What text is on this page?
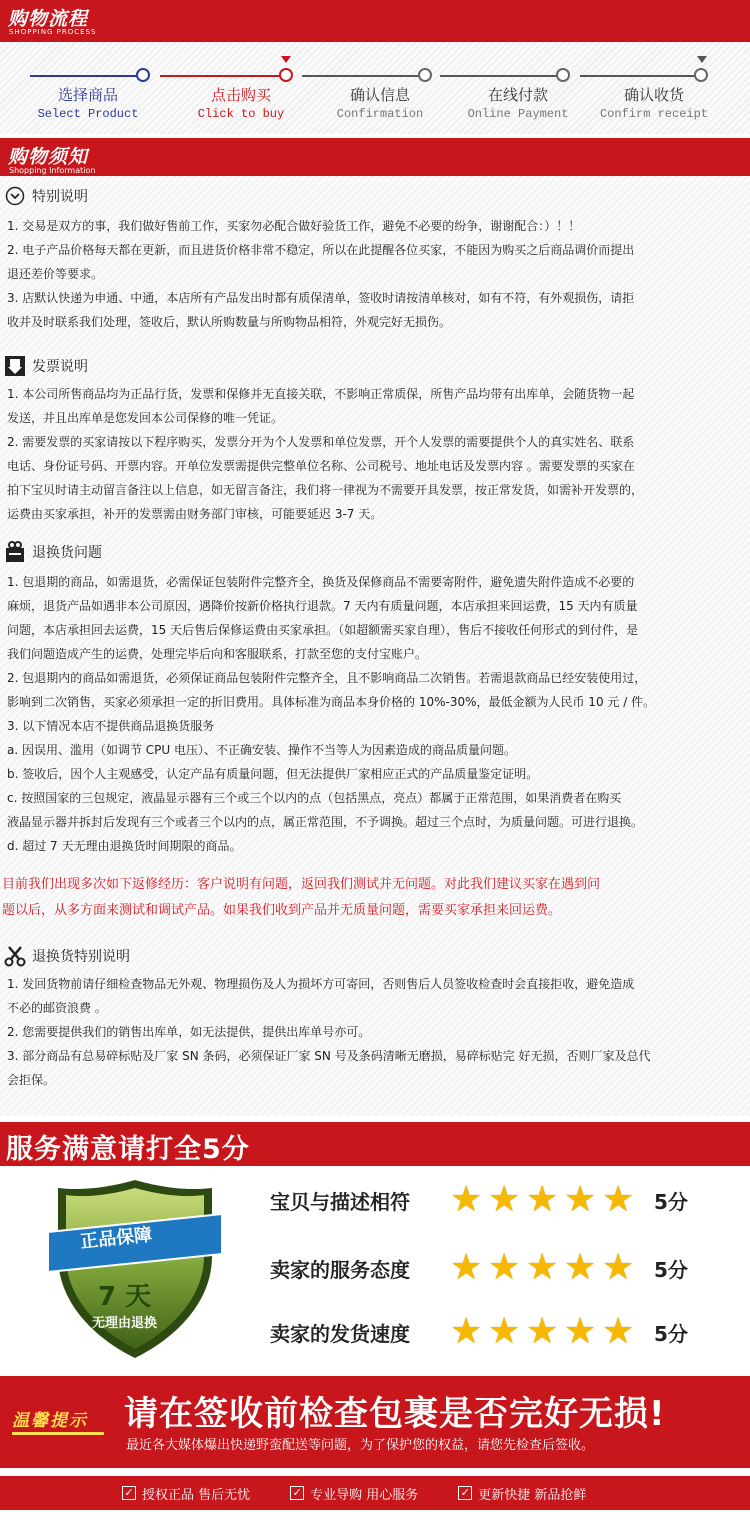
购物流程
SHOPPING PROCESS
选择商品
Select Product
点击购买
Click to buy
确认信息
Confirmation
在线付款
Online Payment
确认收货
Confirm receipt
购物须知
Shopping Information
特别说明
1. 交易是双方的事，我们做好售前工作，买家勿必配合做好验货工作，避免不必要的纷争，谢谢配合：）！！
2. 电子产品价格每天都在更新，而且进货价格非常不稳定，所以在此提醒各位买家，不能因为购买之后商品调价而提出
退还差价等要求。
3. 店默认快递为申通、中通，本店所有产品发出时都有质保清单，签收时请按清单核对，如有不符，有外观损伤，请拒
收并及时联系我们处理，签收后，默认所购数量与所购物品相符，外观完好无损伤。
发票说明
1. 本公司所售商品均为正品行货，发票和保修并无直接关联，不影响正常质保，所售产品均带有出库单，会随货物一起
发送，并且出库单是您发回本公司保修的唯一凭证。
2. 需要发票的买家请按以下程序购买，发票分开为个人发票和单位发票，开个人发票的需要提供个人的真实姓名、联系
电话、身份证号码、开票内容。开单位发票需提供完整单位名称、公司税号、地址电话及发票内容 。需要发票的买家在
拍下宝贝时请主动留言备注以上信息，如无留言备注，我们将一律视为不需要开具发票，按正常发货，如需补开发票的，
运费由买家承担，补开的发票需由财务部门审核，可能要延迟 3-7 天。
退换货问题
1. 包退期的商品，如需退货，必需保证包装附件完整齐全，换货及保修商品不需要寄附件，避免遗失附件造成不必要的
麻烦，退货产品如遇非本公司原因，遇降价按新价格执行退款。7 天内有质量问题，本店承担来回运费，15 天内有质量
问题，本店承担回去运费，15 天后售后保修运费由买家承担。（如超额需买家自理），售后不接收任何形式的到付件，是
我们问题造成产生的运费，处理完毕后向和客服联系，打款至您的支付宝账户。
2. 包退期内的商品如需退货，必须保证商品包装附件完整齐全，且不影响商品二次销售。若需退款商品已经安装使用过，
影响到二次销售，买家必须承担一定的折旧费用。具体标准为商品本身价格的 10%-30%，最低金额为人民币 10 元 / 件。
3. 以下情况本店不提供商品退换货服务
a. 因误用、滥用（如调节 CPU 电压）、不正确安装、操作不当等人为因素造成的商品质量问题。
b. 签收后，因个人主观感受，认定产品有质量问题，但无法提供厂家相应正式的产品质量鉴定证明。
c. 按照国家的三包规定，液晶显示器有三个或三个以内的点（包括黑点，亮点）都属于正常范围，如果消费者在购买
液晶显示器并拆封后发现有三个或者三个以内的点，属正常范围，不予调换。超过三个点时，为质量问题。可进行退换。
d. 超过 7 天无理由退换货时间期限的商品。
目前我们出现多次如下返修经历：客户说明有问题，返回我们测试并无问题。对此我们建议买家在遇到问
题以后，从多方面来测试和调试产品。如果我们收到产品并无质量问题，需要买家承担来回运费。
退换货特别说明
1. 发回货物前请仔细检查物品无外观、物理损伤及人为损坏方可寄回，否则售后人员签收检查时会直接拒收，避免造成
不必的邮资浪费 。
2. 您需要提供我们的销售出库单，如无法提供，提供出库单号亦可。
3. 部分商品有总易碎标贴及厂家 SN 条码，必须保证厂家 SN 号及条码清晰无磨损，易碎标贴完 好无损，否则厂家及总代
会拒保。
服务满意请打全5分
正品保障
7 天
无理由退换
宝贝与描述相符	★ ★ ★ ★ ★ 5分
卖家的服务态度	★ ★ ★ ★ ★ 5分
卖家的发货速度	★ ★ ★ ★ ★ 5分
温馨提示 请在签收前检查包裹是否完好无损!
最近各大媒体爆出快递野蛮配送等问题，为了保护您的权益，请您先检查后签收。
✓ 授权正品 售后无忧	✓ 专业导购 用心服务	✓ 更新快捷 新品抢鲜
